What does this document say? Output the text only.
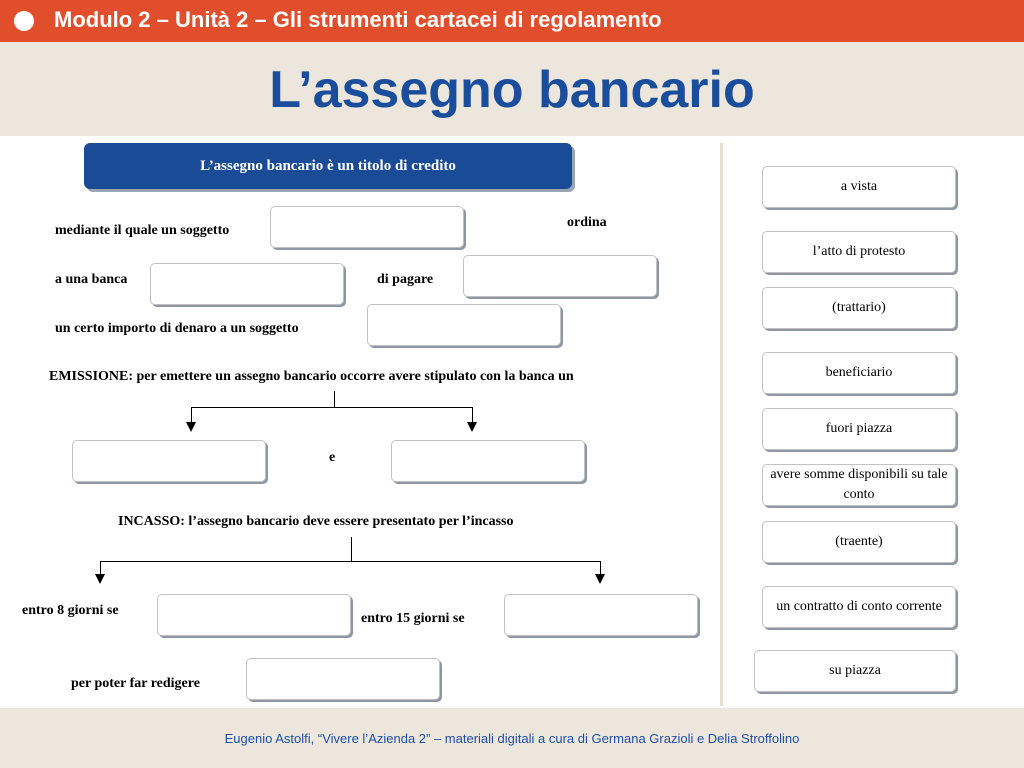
Modulo 2 – Unità 2 – Gli strumenti cartacei di regolamento
L’assegno bancario
L’assegno bancario è un titolo di credito
mediante il quale un soggetto
ordina
a una banca	di pagare
un certo importo di denaro a un soggetto
EMISSIONE: per emettere un assegno bancario occorre avere stipulato con la banca un
e
INCASSO: l’assegno bancario deve essere presentato per l’incasso
entro 8 giorni se
entro 15 giorni se
per poter far redigere
a vista
l’atto di protesto
(trattario)
beneficiario
fuori piazza
avere somme disponibili su tale conto
(traente)
un contratto di conto corrente
su piazza
Eugenio Astolfi, “Vivere l’Azienda 2” – materiali digitali a cura di Germana Grazioli e Delia Stroffolino
